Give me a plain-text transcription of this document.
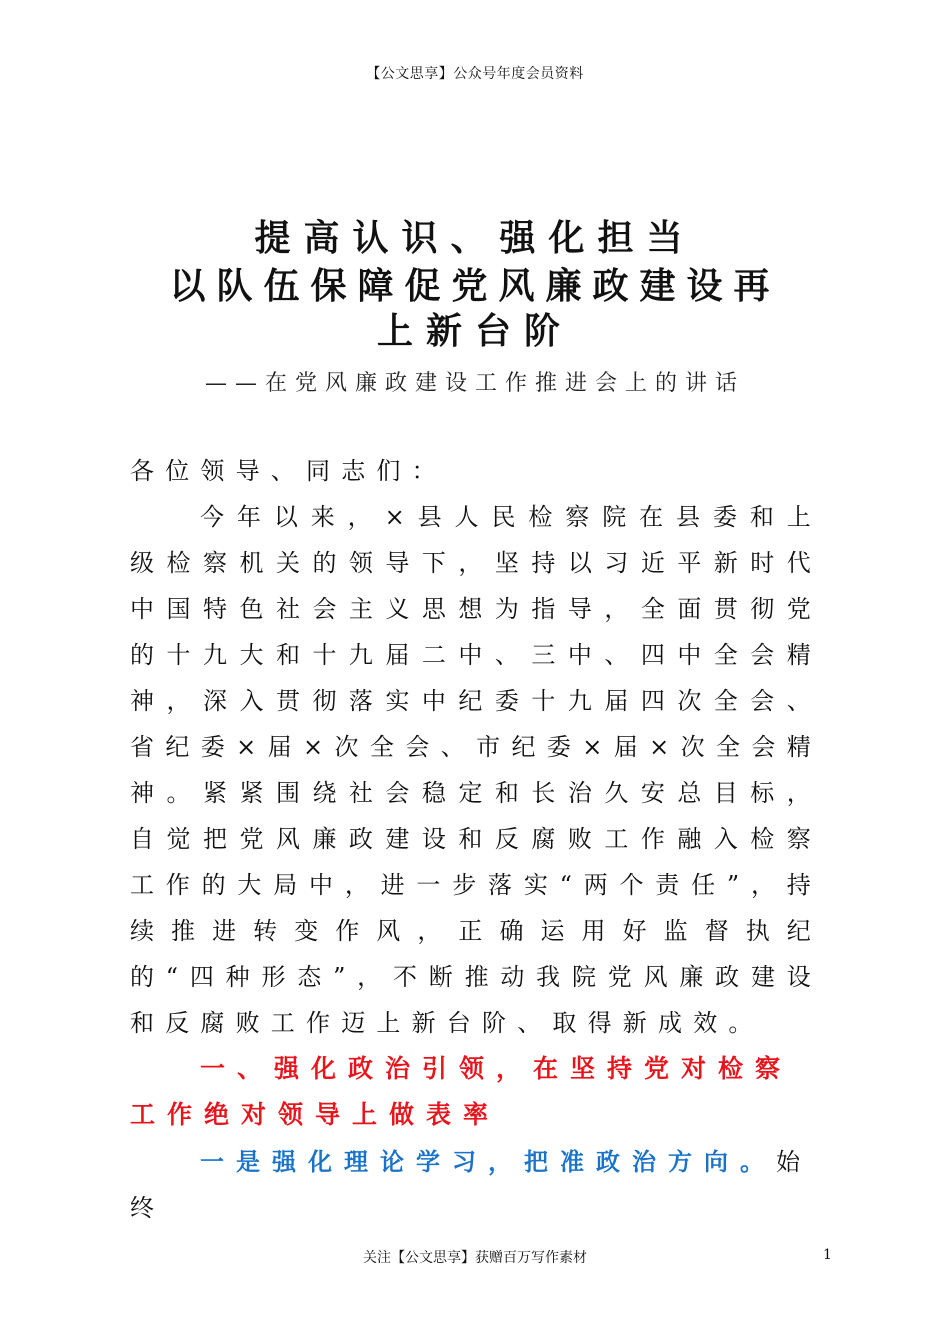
【公文思享】公众号年度会员资料
提高认识、强化担当
以队伍保障促党风廉政建设再
上新台阶
——在党风廉政建设工作推进会上的讲话
各位领导、同志们：
今年以来，×县人民检察院在县委和上级检察机关的领导下，坚持以习近平新时代中国特色社会主义思想为指导，全面贯彻党的十九大和十九届二中、三中、四中全会精神，深入贯彻落实中纪委十九届四次全会、省纪委×届×次全会、市纪委×届×次全会精神。紧紧围绕社会稳定和长治久安总目标，自觉把党风廉政建设和反腐败工作融入检察工作的大局中，进一步落实“两个责任”，持续推进转变作风，正确运用好监督执纪的“四种形态”，不断推动我院党风廉政建设和反腐败工作迈上新台阶、取得新成效。
一、强化政治引领，在坚持党对检察工作绝对领导上做表率
一是强化理论学习，把准政治方向。始终
关注【公文思享】获赠百万写作素材	1
